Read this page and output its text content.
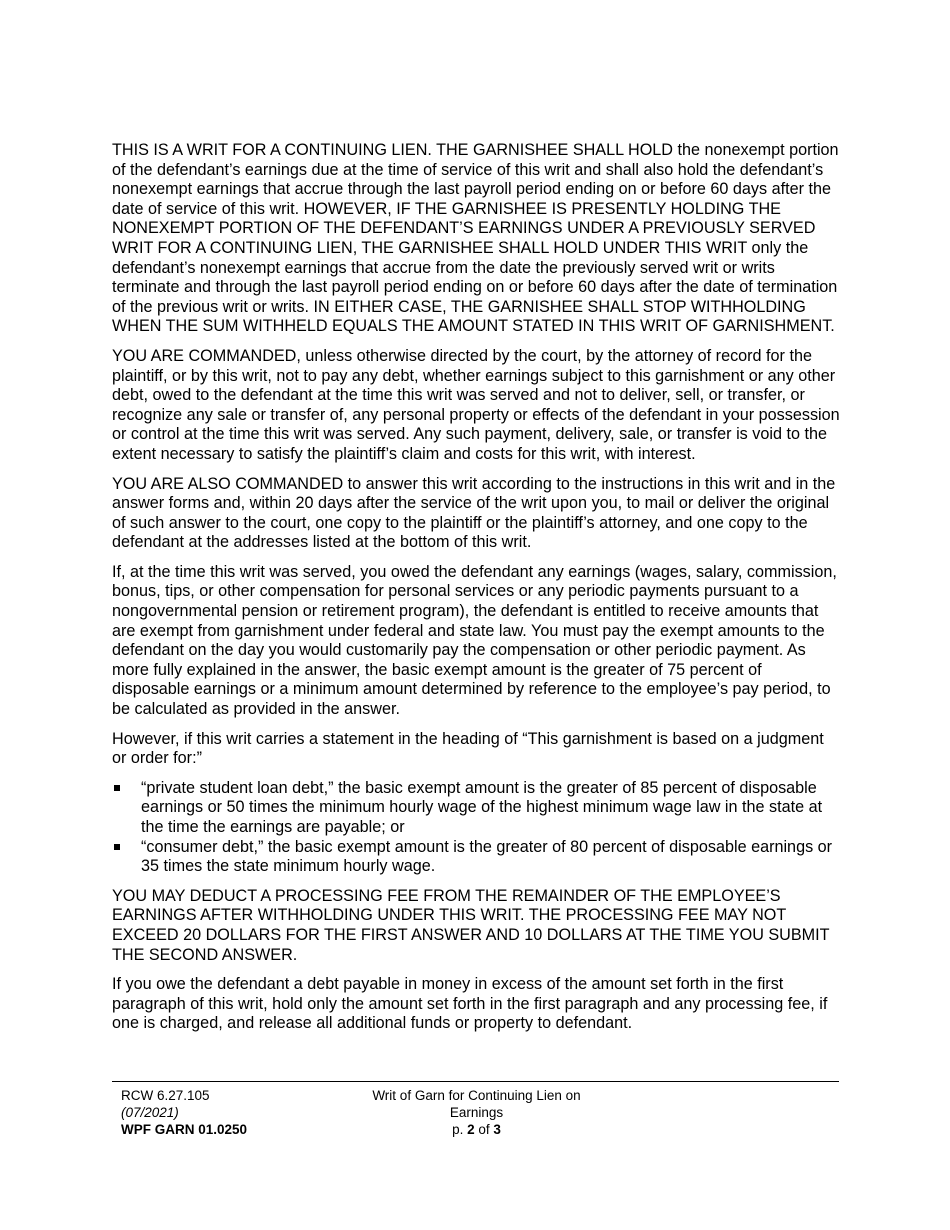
THIS IS A WRIT FOR A CONTINUING LIEN. THE GARNISHEE SHALL HOLD the nonexempt portion of the defendant’s earnings due at the time of service of this writ and shall also hold the defendant’s nonexempt earnings that accrue through the last payroll period ending on or before 60 days after the date of service of this writ. HOWEVER, IF THE GARNISHEE IS PRESENTLY HOLDING THE NONEXEMPT PORTION OF THE DEFENDANT’S EARNINGS UNDER A PREVIOUSLY SERVED WRIT FOR A CONTINUING LIEN, THE GARNISHEE SHALL HOLD UNDER THIS WRIT only the defendant’s nonexempt earnings that accrue from the date the previously served writ or writs terminate and through the last payroll period ending on or before 60 days after the date of termination of the previous writ or writs. IN EITHER CASE, THE GARNISHEE SHALL STOP WITHHOLDING WHEN THE SUM WITHHELD EQUALS THE AMOUNT STATED IN THIS WRIT OF GARNISHMENT.

YOU ARE COMMANDED, unless otherwise directed by the court, by the attorney of record for the plaintiff, or by this writ, not to pay any debt, whether earnings subject to this garnishment or any other debt, owed to the defendant at the time this writ was served and not to deliver, sell, or transfer, or recognize any sale or transfer of, any personal property or effects of the defendant in your possession or control at the time this writ was served. Any such payment, delivery, sale, or transfer is void to the extent necessary to satisfy the plaintiff’s claim and costs for this writ, with interest.

YOU ARE ALSO COMMANDED to answer this writ according to the instructions in this writ and in the answer forms and, within 20 days after the service of the writ upon you, to mail or deliver the original of such answer to the court, one copy to the plaintiff or the plaintiff’s attorney, and one copy to the defendant at the addresses listed at the bottom of this writ.

If, at the time this writ was served, you owed the defendant any earnings (wages, salary, commission, bonus, tips, or other compensation for personal services or any periodic payments pursuant to a nongovernmental pension or retirement program), the defendant is entitled to receive amounts that are exempt from garnishment under federal and state law. You must pay the exempt amounts to the defendant on the day you would customarily pay the compensation or other periodic payment. As more fully explained in the answer, the basic exempt amount is the greater of 75 percent of disposable earnings or a minimum amount determined by reference to the employee’s pay period, to be calculated as provided in the answer.

However, if this writ carries a statement in the heading of “This garnishment is based on a judgment or order for:”

“private student loan debt,” the basic exempt amount is the greater of 85 percent of disposable earnings or 50 times the minimum hourly wage of the highest minimum wage law in the state at the time the earnings are payable; or
“consumer debt,” the basic exempt amount is the greater of 80 percent of disposable earnings or 35 times the state minimum hourly wage.

YOU MAY DEDUCT A PROCESSING FEE FROM THE REMAINDER OF THE EMPLOYEE’S EARNINGS AFTER WITHHOLDING UNDER THIS WRIT. THE PROCESSING FEE MAY NOT EXCEED 20 DOLLARS FOR THE FIRST ANSWER AND 10 DOLLARS AT THE TIME YOU SUBMIT THE SECOND ANSWER.

If you owe the defendant a debt payable in money in excess of the amount set forth in the first paragraph of this writ, hold only the amount set forth in the first paragraph and any processing fee, if one is charged, and release all additional funds or property to defendant.

RCW 6.27.105
(07/2021)
WPF GARN 01.0250
Writ of Garn for Continuing Lien on
Earnings
p. 2 of 3
